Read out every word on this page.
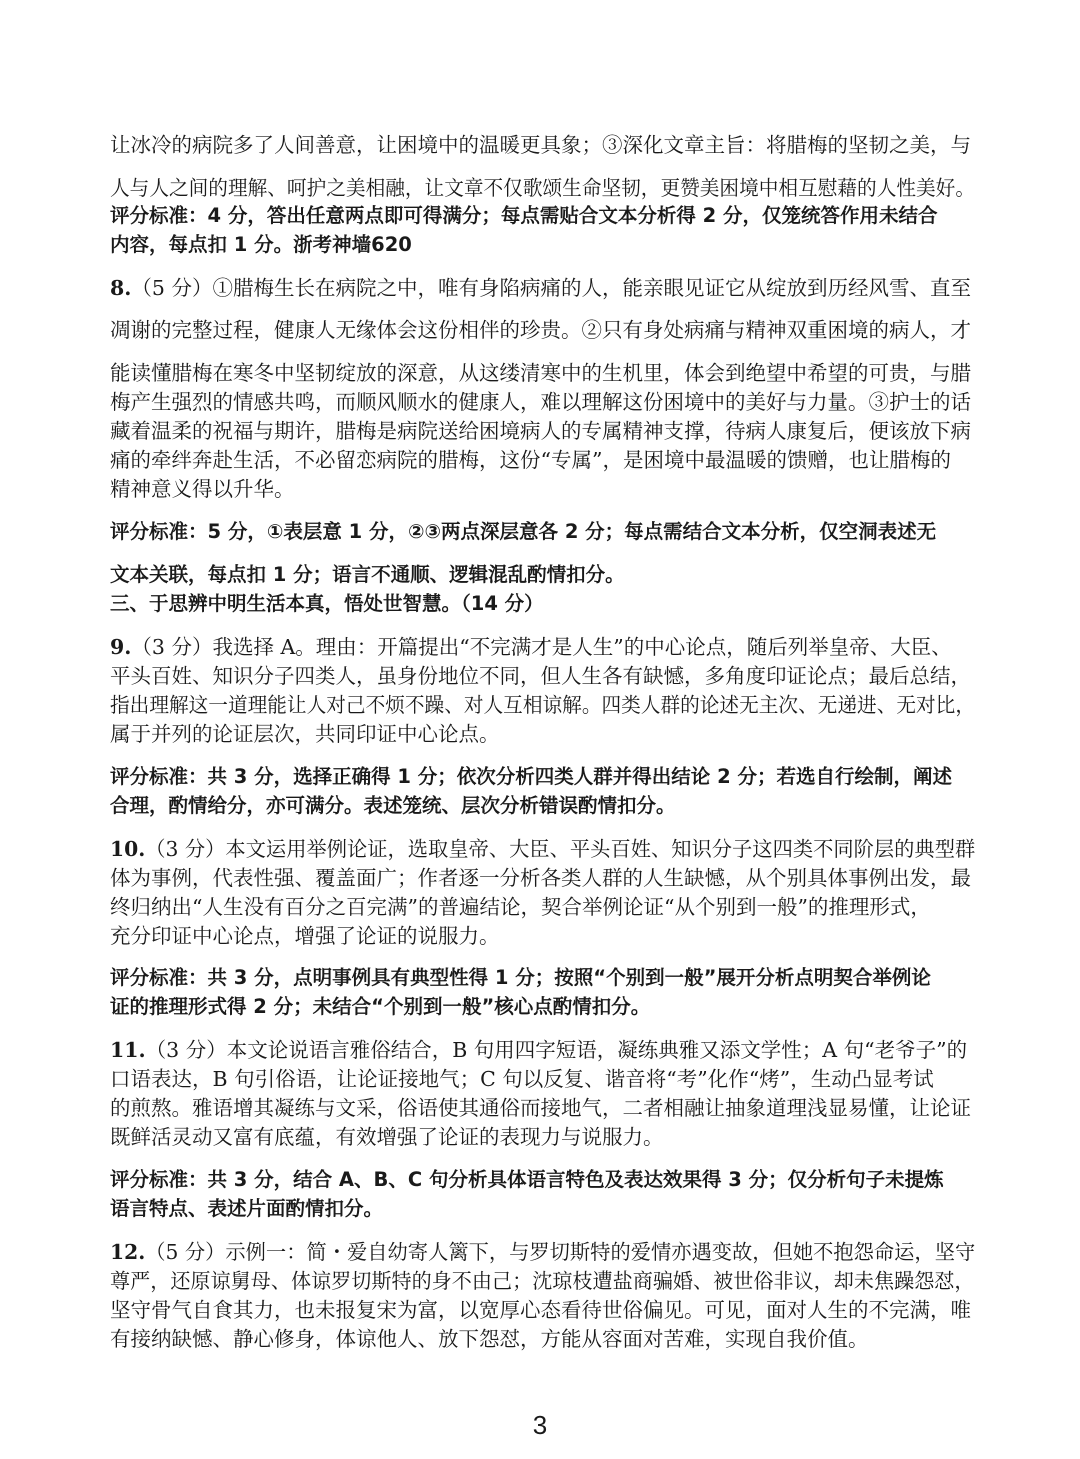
让冰冷的病院多了人间善意，让困境中的温暖更具象；③深化文章主旨：将腊梅的坚韧之美，与
人与人之间的理解、呵护之美相融，让文章不仅歌颂生命坚韧，更赞美困境中相互慰藉的人性美好。
评分标准：4 分，答出任意两点即可得满分；每点需贴合文本分析得 2 分，仅笼统答作用未结合
内容，每点扣 1 分。浙考神墙620
8.（5 分）①腊梅生长在病院之中，唯有身陷病痛的人，能亲眼见证它从绽放到历经风雪、直至
凋谢的完整过程，健康人无缘体会这份相伴的珍贵。②只有身处病痛与精神双重困境的病人，才
能读懂腊梅在寒冬中坚韧绽放的深意，从这缕清寒中的生机里，体会到绝望中希望的可贵，与腊
梅产生强烈的情感共鸣，而顺风顺水的健康人，难以理解这份困境中的美好与力量。③护士的话
藏着温柔的祝福与期许，腊梅是病院送给困境病人的专属精神支撑，待病人康复后，便该放下病
痛的牵绊奔赴生活，不必留恋病院的腊梅，这份“专属”，是困境中最温暖的馈赠，也让腊梅的
精神意义得以升华。
评分标准：5 分，①表层意 1 分，②③两点深层意各 2 分；每点需结合文本分析，仅空洞表述无
文本关联，每点扣 1 分；语言不通顺、逻辑混乱酌情扣分。
三、于思辨中明生活本真，悟处世智慧。（14 分）
9.（3 分）我选择 A。理由：开篇提出“不完满才是人生”的中心论点，随后列举皇帝、大臣、
平头百姓、知识分子四类人，虽身份地位不同，但人生各有缺憾，多角度印证论点；最后总结，
指出理解这一道理能让人对己不烦不躁、对人互相谅解。四类人群的论述无主次、无递进、无对比，
属于并列的论证层次，共同印证中心论点。
评分标准：共 3 分，选择正确得 1 分；依次分析四类人群并得出结论 2 分；若选自行绘制，阐述
合理，酌情给分，亦可满分。表述笼统、层次分析错误酌情扣分。
10.（3 分）本文运用举例论证，选取皇帝、大臣、平头百姓、知识分子这四类不同阶层的典型群
体为事例，代表性强、覆盖面广；作者逐一分析各类人群的人生缺憾，从个别具体事例出发，最
终归纳出“人生没有百分之百完满”的普遍结论，契合举例论证“从个别到一般”的推理形式，
充分印证中心论点，增强了论证的说服力。
评分标准：共 3 分，点明事例具有典型性得 1 分；按照“个别到一般”展开分析点明契合举例论
证的推理形式得 2 分；未结合“个别到一般”核心点酌情扣分。
11.（3 分）本文论说语言雅俗结合，B 句用四字短语，凝练典雅又添文学性；A 句“老爷子”的
口语表达，B 句引俗语，让论证接地气；C 句以反复、谐音将“考”化作“烤”，生动凸显考试
的煎熬。雅语增其凝练与文采，俗语使其通俗而接地气，二者相融让抽象道理浅显易懂，让论证
既鲜活灵动又富有底蕴，有效增强了论证的表现力与说服力。
评分标准：共 3 分，结合 A、B、C 句分析具体语言特色及表达效果得 3 分；仅分析句子未提炼
语言特点、表述片面酌情扣分。
12.（5 分）示例一：简・爱自幼寄人篱下，与罗切斯特的爱情亦遇变故，但她不抱怨命运，坚守
尊严，还原谅舅母、体谅罗切斯特的身不由己；沈琼枝遭盐商骗婚、被世俗非议，却未焦躁怨怼，
坚守骨气自食其力，也未报复宋为富，以宽厚心态看待世俗偏见。可见，面对人生的不完满，唯
有接纳缺憾、静心修身，体谅他人、放下怨怼，方能从容面对苦难，实现自我价值。
3
